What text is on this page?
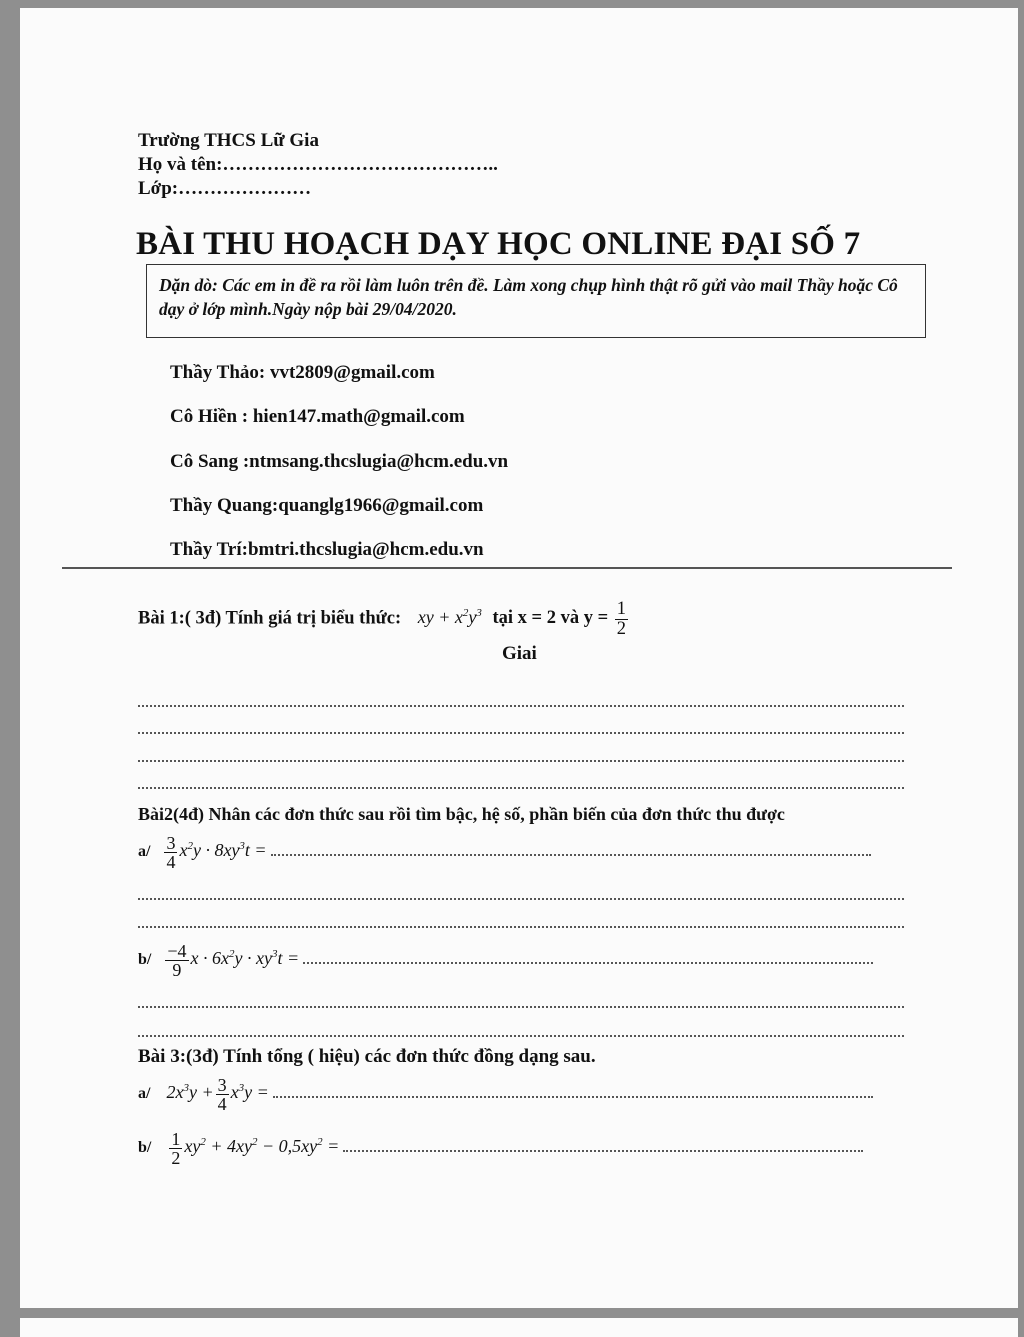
Trường THCS Lữ Gia
Họ và tên:……………………………………..
Lớp:…………………
BÀI THU HOẠCH DẠY HỌC ONLINE ĐẠI SỐ 7
Dặn dò: Các em in đề ra rồi làm luôn trên đề. Làm xong chụp hình thật rõ gửi vào mail Thầy hoặc Cô dạy ở lớp mình.Ngày nộp bài 29/04/2020.
Thầy Thảo: vvt2809@gmail.com
Cô Hiền : hien147.math@gmail.com
Cô Sang :ntmsang.thcslugia@hcm.edu.vn
Thầy Quang:quanglg1966@gmail.com
Thầy Trí:bmtri.thcslugia@hcm.edu.vn
Bài 1:( 3đ) Tính giá trị biểu thức: xy + $x^2y^3$ tại x = 2 và $y = \frac{1}{2}$
Giai
Bài2(4đ) Nhân các đơn thức sau rồi tìm bậc, hệ số, phần biến của đơn thức thu được
$a/ \frac{3}{4} x^2y \cdot 8xy^3t$ =
$b/ \frac{-4}{9}$ $x \cdot 6x^2y \cdot xy^3t$ =
Bài 3:(3đ) Tính tổng ( hiệu) các đơn thức đồng dạng sau.
a/ $2x^3y + \frac{3}{4} x^3y$ =
$b/ \frac{1}{2} xy^2 + 4xy^2 - 0,5xy^2$ =
